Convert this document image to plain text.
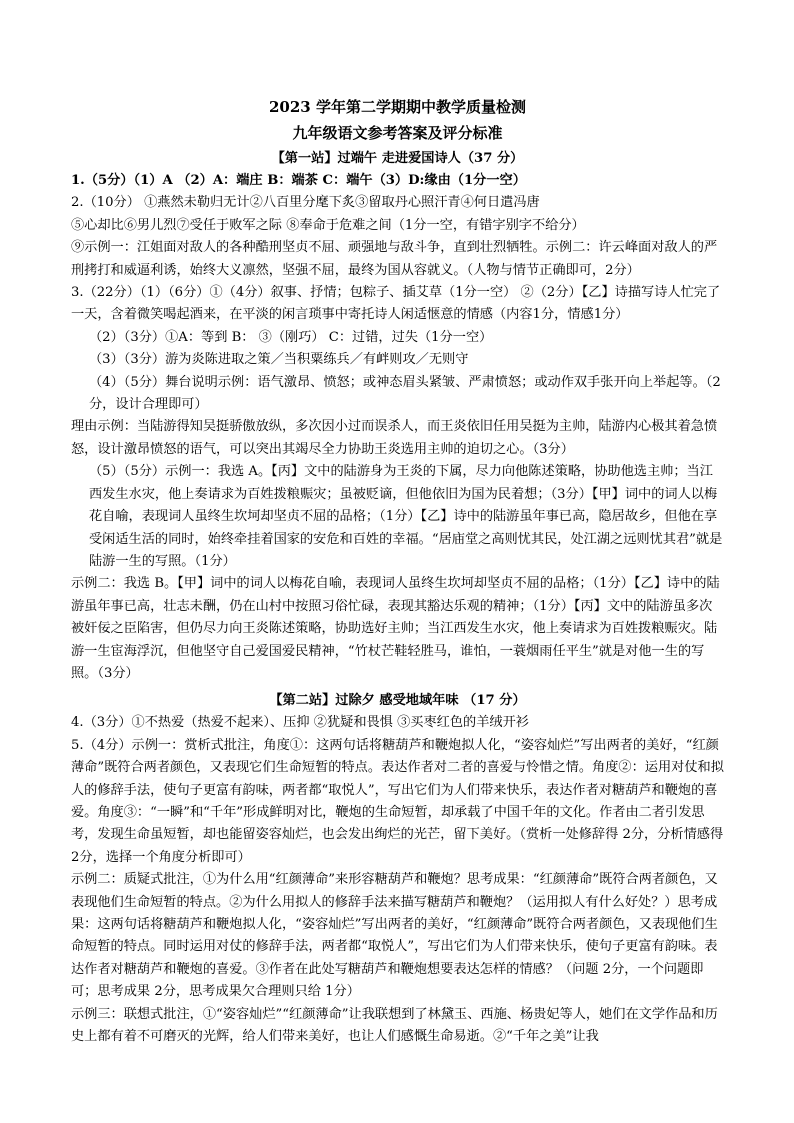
2023 学年第二学期期中教学质量检测

九年级语文参考答案及评分标准

【第一站】过端午 走进爱国诗人（37 分）

1.（5分）（1）A （2）A：端庄 B：端茶 C：端午（3）D:缘由（1分一空）

2.（10分） ①燕然未勒归无计②八百里分麾下炙③留取丹心照汗青④何日遣冯唐

⑤心却比⑥男儿烈⑦受任于败军之际 ⑧奉命于危难之间（1分一空，有错字别字不给分）

⑨示例一：江姐面对敌人的各种酷刑坚贞不屈、顽强地与敌斗争，直到壮烈牺牲。示例二：许云峰面对敌人的严刑拷打和威逼利诱，始终大义凛然，坚强不屈，最终为国从容就义。（人物与情节正确即可，2分）

3.（22分）（1）（6分）①（4分）叙事、抒情；包粽子、插艾草（1分一空） ②（2分）【乙】诗描写诗人忙完了一天，含着微笑喝起酒来，在平淡的闲言琐事中寄托诗人闲适惬意的情感（内容1分，情感1分）

（2）（3分）①A：等到 B： ③（刚巧） C：过错，过失（1分一空）

（3）（3分）游为炎陈进取之策／当积粟练兵／有衅则攻／无则守

（4）（5分）舞台说明示例：语气激昂、愤怒；或神态眉头紧皱、严肃愤怒；或动作双手张开向上举起等。（2分，设计合理即可）

理由示例：当陆游得知吴挺骄傲放纵，多次因小过而误杀人，而王炎依旧任用吴挺为主帅，陆游内心极其着急愤怒，设计激昂愤怒的语气，可以突出其竭尽全力协助王炎选用主帅的迫切之心。（3分）

（5）（5分）示例一：我选 A。【丙】文中的陆游身为王炎的下属，尽力向他陈述策略，协助他选主帅；当江西发生水灾，他上奏请求为百姓拨粮赈灾；虽被贬谪，但他依旧为国为民着想；（3分）【甲】词中的词人以梅花自喻，表现词人虽终生坎坷却坚贞不屈的品格；（1分）【乙】诗中的陆游虽年事已高，隐居故乡，但他在享受闲适生活的同时，始终牵挂着国家的安危和百姓的幸福。“居庙堂之高则忧其民，处江湖之远则忧其君”就是陆游一生的写照。（1分）

示例二：我选 B。【甲】词中的词人以梅花自喻，表现词人虽终生坎坷却坚贞不屈的品格；（1分）【乙】诗中的陆游虽年事已高，壮志未酬，仍在山村中按照习俗忙碌，表现其豁达乐观的精神；（1分）【丙】文中的陆游虽多次被奸佞之臣陷害，但仍尽力向王炎陈述策略，协助选好主帅；当江西发生水灾，他上奏请求为百姓拨粮赈灾。陆游一生宦海浮沉，但他坚守自己爱国爱民精神，“竹杖芒鞋轻胜马，谁怕，一蓑烟雨任平生”就是对他一生的写照。（3分）

【第二站】过除夕 感受地域年味 （17 分）

4.（3分）①不热爱（热爱不起来）、压抑 ②犹疑和畏惧 ③买枣红色的羊绒开衫

5.（4分）示例一：赏析式批注，角度①：这两句话将糖葫芦和鞭炮拟人化，“姿容灿烂”写出两者的美好，“红颜薄命”既符合两者颜色，又表现它们生命短暂的特点。表达作者对二者的喜爱与怜惜之情。角度②：运用对仗和拟人的修辞手法，使句子更富有韵味，两者都“取悦人”，写出它们为人们带来快乐，表达作者对糖葫芦和鞭炮的喜爱。角度③：“一瞬”和“千年”形成鲜明对比，鞭炮的生命短暂，却承载了中国千年的文化。作者由二者引发思考，发现生命虽短暂，却也能留姿容灿烂，也会发出绚烂的光芒，留下美好。（赏析一处修辞得 2分，分析情感得 2分，选择一个角度分析即可）

示例二：质疑式批注，①为什么用“红颜薄命”来形容糖葫芦和鞭炮？思考成果：“红颜薄命”既符合两者颜色，又表现他们生命短暂的特点。②为什么用拟人的修辞手法来描写糖葫芦和鞭炮？（运用拟人有什么好处？）思考成果：这两句话将糖葫芦和鞭炮拟人化，“姿容灿烂”写出两者的美好，“红颜薄命”既符合两者颜色，又表现他们生命短暂的特点。同时运用对仗的修辞手法，两者都“取悦人”，写出它们为人们带来快乐，使句子更富有韵味。表达作者对糖葫芦和鞭炮的喜爱。③作者在此处写糖葫芦和鞭炮想要表达怎样的情感？（问题 2分，一个问题即可；思考成果 2分，思考成果欠合理则只给 1分）

示例三：联想式批注，①“姿容灿烂”“红颜薄命”让我联想到了林黛玉、西施、杨贵妃等人，她们在文学作品和历史上都有着不可磨灭的光辉，给人们带来美好，也让人们感慨生命易逝。②“千年之美”让我
